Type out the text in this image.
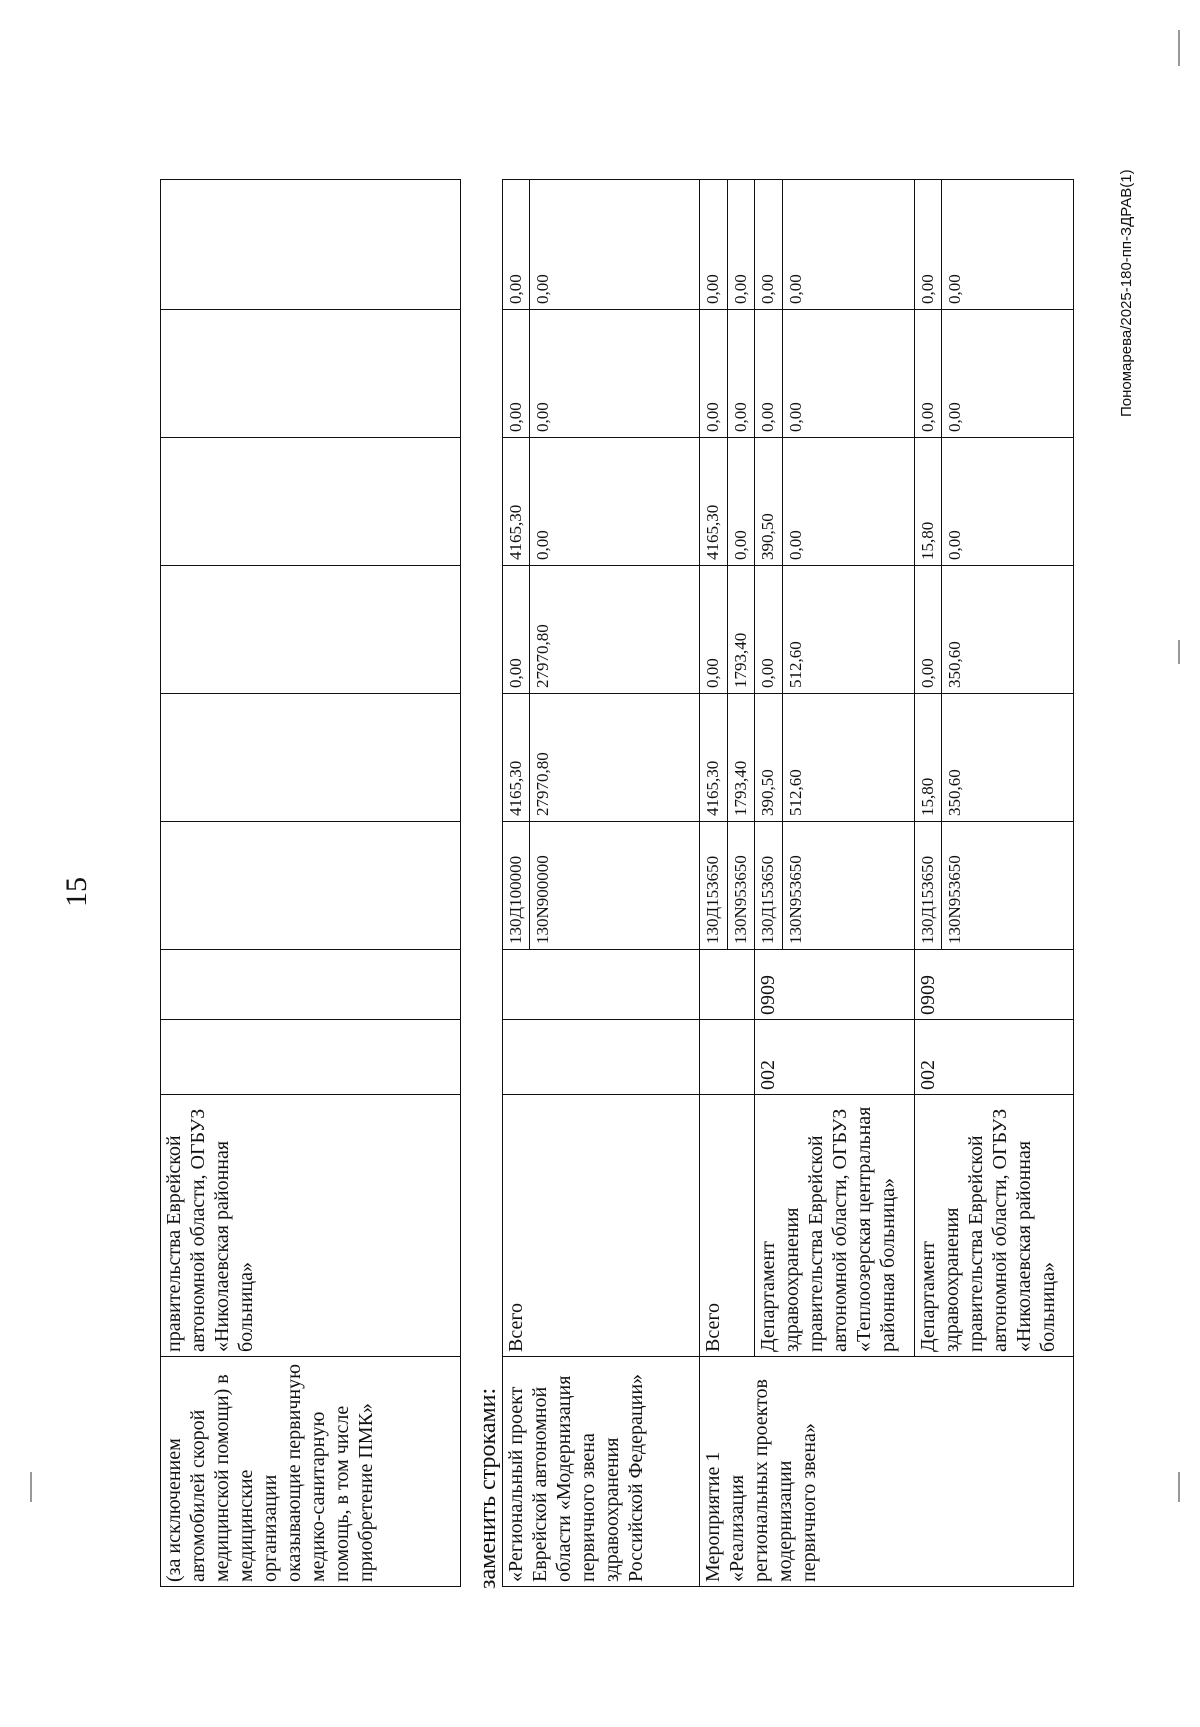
15
(за исключением автомобилей скорой медицинской помощи) в медицинские организации оказывающие первичную медико-санитарную помощь, в том числе приобретение ПМК»	правительства Еврейской автономной области, ОГБУЗ «Николаевская районная больница»								
заменить строками: «Региональный проект Еврейской автономной области «Модернизация первичного звена здравоохранения Российской Федерации»	Всего			130Д100000	4165,30	0,00	4165,30	0,00	0,00
				130N900000	27970,80	27970,80	0,00	0,00	0,00
Мероприятие 1 «Реализация региональных проектов модернизации первичного звена»	Всего			130Д153650	4165,30	0,00	4165,30	0,00	0,00
				130N953650	1793,40	1793,40	0,00	0,00	0,00
	Департамент здравоохранения правительства Еврейской автономной области, ОГБУЗ «Теплоозерская центральная районная больница»	002	0909	130Д153650	390,50	0,00	390,50	0,00	0,00
				130N953650	512,60	512,60	0,00	0,00	0,00
	Департамент здравоохранения правительства Еврейской автономной области, ОГБУЗ «Николаевская районная больница»	002	0909	130Д153650	15,80	0,00	15,80	0,00	0,00
				130N953650	350,60	350,60	0,00	0,00	0,00	Пономарева/2025-180-пп-ЗДРАВ(1)
